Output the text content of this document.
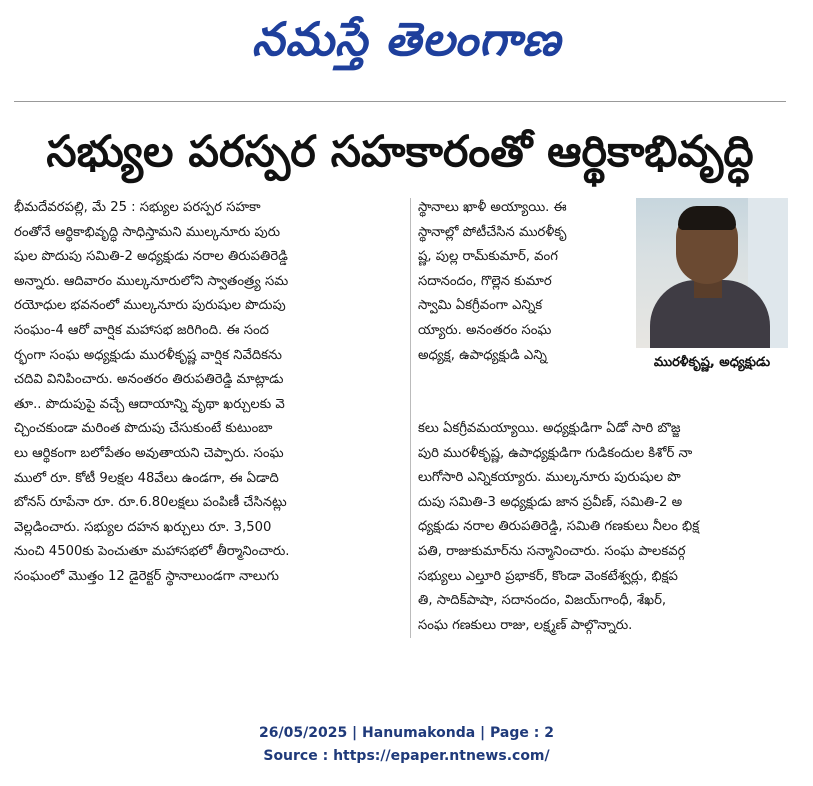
నమస్తే తెలంగాణ
సభ్యుల పరస్పర సహకారంతో ఆర్థికాభివృద్ధి
భీమదేవరపల్లి, మే 25 : సభ్యుల పరస్పర సహకా
రంతోనే ఆర్థికాభివృద్ధి సాధిస్తామని ముల్కనూరు పురు
షుల పొదుపు సమితి-2 అధ్యక్షుడు నరాల తిరుపతిరెడ్డి
అన్నారు. ఆదివారం ముల్కనూరులోని స్వాతంత్ర్య సమ
రయోధుల భవనంలో ముల్కనూరు పురుషుల పొదుపు
సంఘం-4 ఆరో వార్షిక మహాసభ జరిగింది. ఈ సంద
ర్భంగా సంఘ అధ్యక్షుడు మురళీకృష్ణ వార్షిక నివేదికను
చదివి వినిపించారు. అనంతరం తిరుపతిరెడ్డి మాట్లాడు
తూ.. పొదుపుపై వచ్చే ఆదాయాన్ని వృథా ఖర్చులకు వె
చ్చించకుండా మరింత పొదుపు చేసుకుంటే కుటుంబా
లు ఆర్థికంగా బలోపేతం అవుతాయని చెప్పారు. సంఘ
ములో రూ. కోటీ 9లక్షల 48వేలు ఉండగా, ఈ ఏడాది
బోనస్ రూపేనా రూ. రూ.6.80లక్షలు పంపిణీ చేసినట్లు
వెల్లడించారు. సభ్యుల దహన ఖర్చులు రూ. 3,500
నుంచి 4500కు పెంచుతూ మహాసభలో తీర్మానించారు.
సంఘంలో మొత్తం 12 డైరెక్టర్ స్థానాలుండగా నాలుగు
స్థానాలు ఖాళీ అయ్యాయి. ఈ
స్థానాల్లో పోటీచేసిన మురళీకృ
ష్ణ, పుల్ల రామ్‌కుమార్, వంగ
సదానందం, గొల్లెన కుమార
స్వామి ఏకగ్రీవంగా ఎన్నిక
య్యారు. అనంతరం సంఘ
అధ్యక్ష, ఉపాధ్యక్షుడి ఎన్ని	మురళీకృష్ణ, అధ్యక్షుడు
కలు ఏకగ్రీవమయ్యాయి. అధ్యక్షుడిగా ఏడో సారి బొజ్జ
పురి మురళీకృష్ణ, ఉపాధ్యక్షుడిగా గుడికందుల కిశోర్ నా
లుగోసారి ఎన్నికయ్యారు. ముల్కనూరు పురుషుల పొ
దుపు సమితి-3 అధ్యక్షుడు జాన ప్రవీణ్, సమితి-2 అ
ధ్యక్షుడు నరాల తిరుపతిరెడ్డి, సమితి గణకులు నీలం భిక్ష
పతి, రాజుకుమార్‌ను సన్మానించారు. సంఘ పాలకవర్గ
సభ్యులు ఎల్తూరి ప్రభాకర్, కొండా వెంకటేశ్వర్లు, భిక్షప
తి, సాదిక్‌పాషా, సదానందం, విజయ్‌గాంధీ, శేఖర్,
సంఘ గణకులు రాజు, లక్ష్మణ్ పాల్గొన్నారు.
26/05/2025 | Hanumakonda | Page : 2
Source : https://epaper.ntnews.com/
